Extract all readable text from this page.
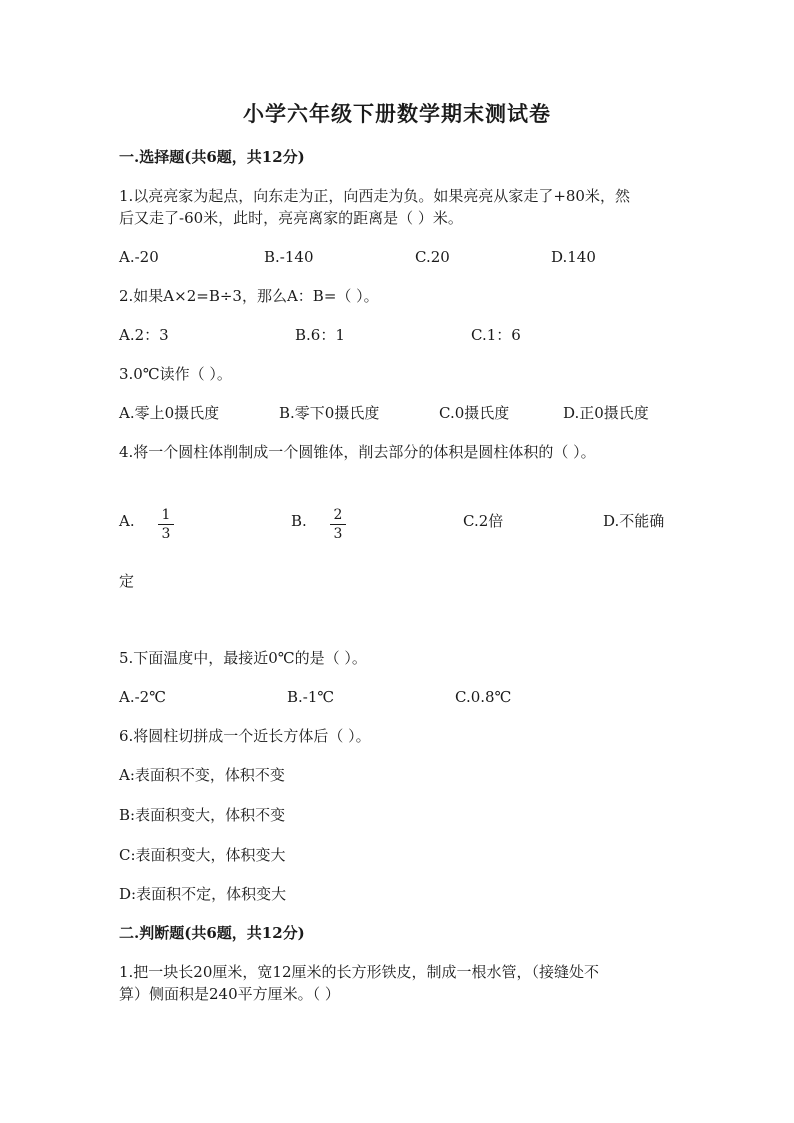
小学六年级下册数学期末测试卷
一.选择题(共6题，共12分)
1.以亮亮家为起点，向东走为正，向西走为负。如果亮亮从家走了+80米，然
后又走了-60米，此时，亮亮离家的距离是（ ）米。
A.-20	B.-140	C.20	D.140
2.如果A×2=B÷3，那么A：B=（ ）。
A.2：3	B.6：1	C.1：6
3.0℃读作（ ）。
A.零上0摄氏度	B.零下0摄氏度	C.0摄氏度	D.正0摄氏度
4.将一个圆柱体削制成一个圆锥体，削去部分的体积是圆柱体积的（ ）。
A. 1
3
B. 2
3
C.2倍	D.不能确
定
5.下面温度中，最接近0℃的是（ ）。
A.-2℃	B.-1℃	C.0.8℃
6.将圆柱切拼成一个近长方体后（ ）。
A:表面积不变，体积不变
B:表面积变大，体积不变
C:表面积变大，体积变大
D:表面积不定，体积变大
二.判断题(共6题，共12分)
1.把一块长20厘米，宽12厘米的长方形铁皮，制成一根水管，（接缝处不
算）侧面积是240平方厘米。（ ）
